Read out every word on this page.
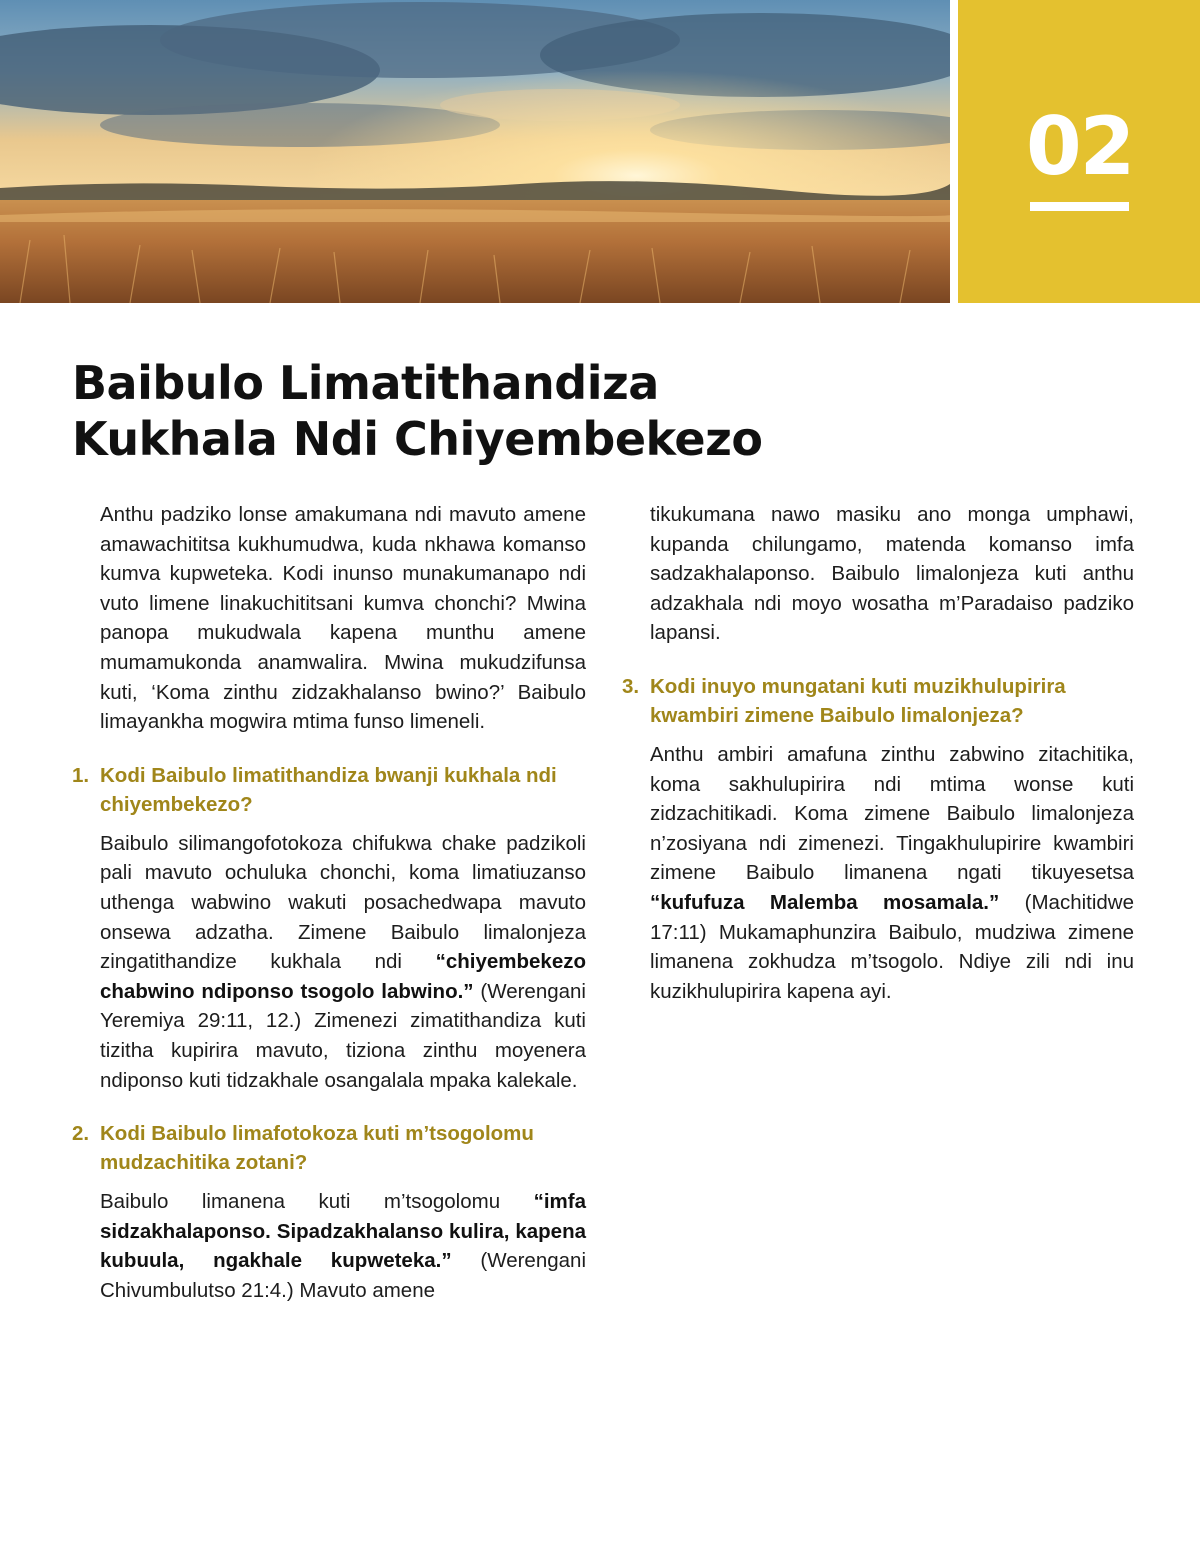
02
Baibulo Limatithandiza
Kukhala Ndi Chiyembekezo

Anthu padziko lonse amakumana ndi mavuto amene amawachititsa kukhumudwa, kuda nkhawa komanso kumva kupweteka. Kodi inunso munakumanapo ndi vuto limene linakuchititsani kumva chonchi? Mwina panopa mukudwala kapena munthu amene mumamukonda anamwalira. Mwina mukudzifunsa kuti, ‘Koma zinthu zidzakhalanso bwino?’ Baibulo limayankha mogwira mtima funso limeneli.

1. Kodi Baibulo limatithandiza bwanji kukhala ndi chiyembekezo?

Baibulo silimangofotokoza chifukwa chake padzikoli pali mavuto ochuluka chonchi, koma limatiuzanso uthenga wabwino wakuti posachedwapa mavuto onsewa adzatha. Zimene Baibulo limalonjeza zingatithandize kukhala ndi “chiyembekezo chabwino ndiponso tsogolo labwino.” (Werengani Yeremiya 29:11, 12.) Zimenezi zimatithandiza kuti tizitha kupirira mavuto, tiziona zinthu moyenera ndiponso kuti tidzakhale osangalala mpaka kalekale.

2. Kodi Baibulo limafotokoza kuti m’tsogolomu mudzachitika zotani?

Baibulo limanena kuti m’tsogolomu “imfa sidzakhalaponso. Sipadzakhalanso kulira, kapena kubuula, ngakhale kupweteka.” (Werengani Chivumbulutso 21:4.) Mavuto amene

tikukumana nawo masiku ano monga umphawi, kupanda chilungamo, matenda komanso imfa sadzakhalaponso. Baibulo limalonjeza kuti anthu adzakhala ndi moyo wosatha m’Paradaiso padziko lapansi.

3. Kodi inuyo mungatani kuti muzikhulupirira kwambiri zimene Baibulo limalonjeza?

Anthu ambiri amafuna zinthu zabwino zitachitika, koma sakhulupirira ndi mtima wonse kuti zidzachitikadi. Koma zimene Baibulo limalonjeza n’zosiyana ndi zimenezi. Tingakhulupirire kwambiri zimene Baibulo limanena ngati tikuyesetsa “kufufuza Malemba mosamala.” (Machitidwe 17:11) Mukamaphunzira Baibulo, mudziwa zimene limanena zokhudza m’tsogolo. Ndiye zili ndi inu kuzikhulupirira kapena ayi.
